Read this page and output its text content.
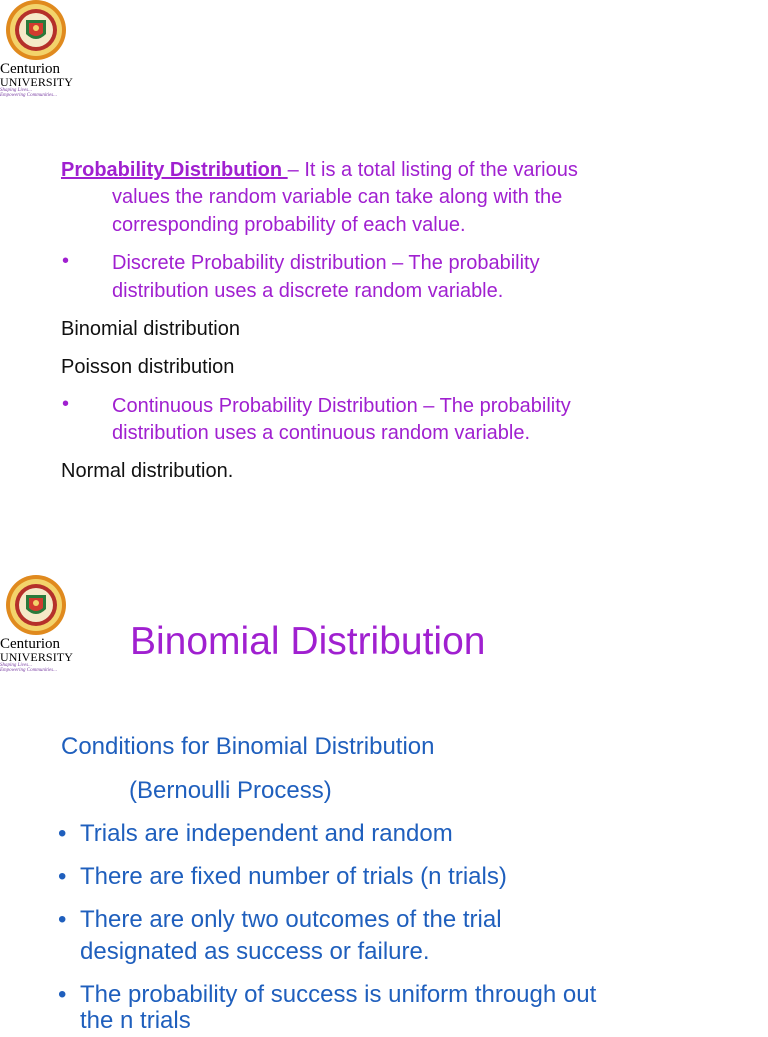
Centurion
UNIVERSITY
Shaping Lives...
Empowering Communities...

Probability Distribution – It is a total listing of the various

values the random variable can take along with the

corresponding probability of each value.

• Discrete Probability distribution – The probability

distribution uses a discrete random variable.

Binomial distribution

Poisson distribution

• Continuous Probability Distribution – The probability

distribution uses a continuous random variable.

Normal distribution.

Centurion
UNIVERSITY
Shaping Lives...
Empowering Communities...
Binomial Distribution

Conditions for Binomial Distribution

(Bernoulli Process)

• Trials are independent and random

• There are fixed number of trials (n trials)

• There are only two outcomes of the trial

designated as success or failure.

• The probability of success is uniform through out

the n trials
